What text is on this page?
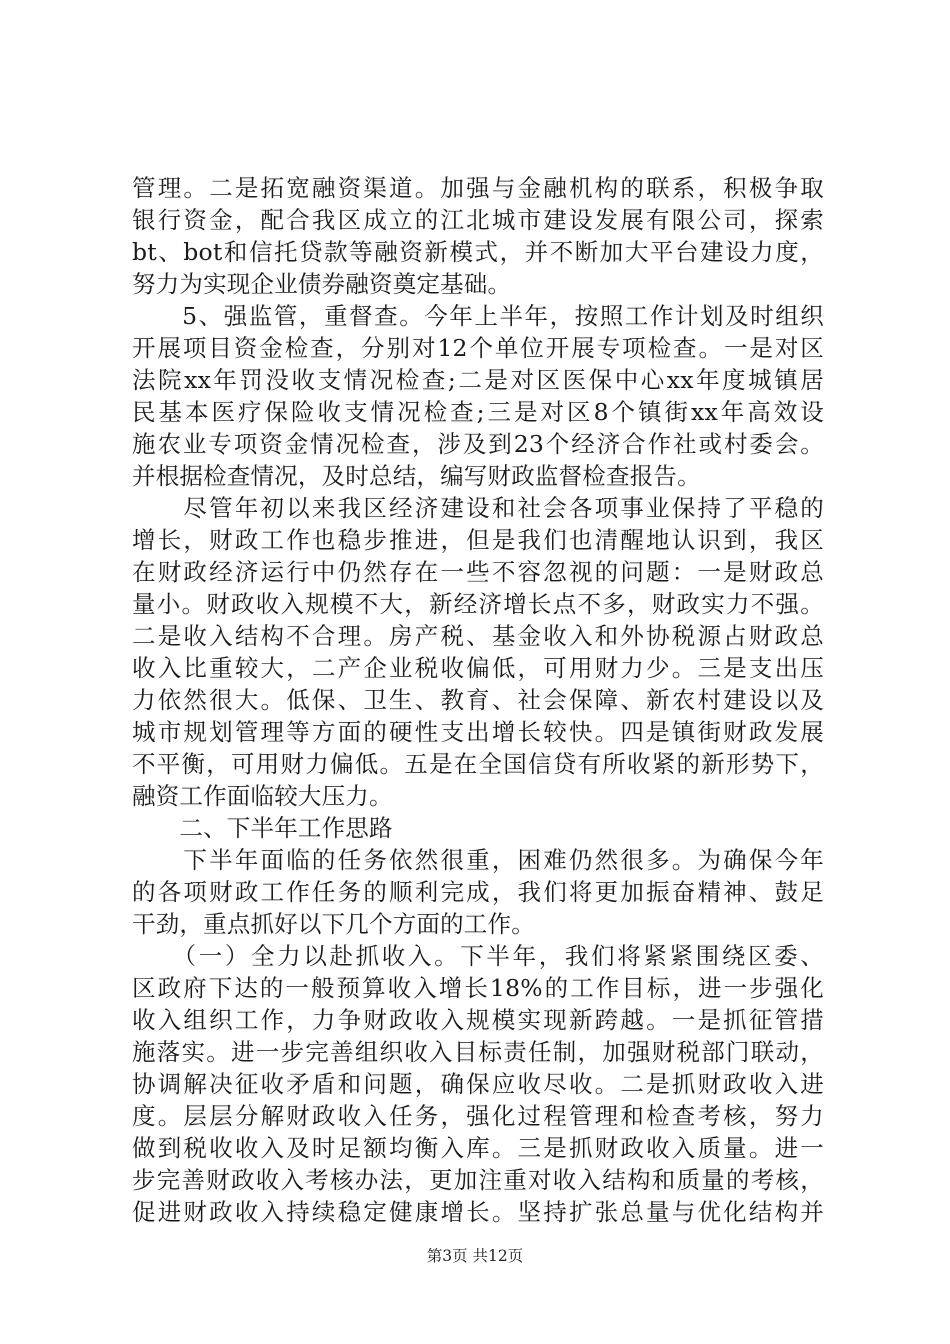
管理。二是拓宽融资渠道。加强与金融机构的联系，积极争取
银行资金，配合我区成立的江北城市建设发展有限公司，探索
bt、bot和信托贷款等融资新模式，并不断加大平台建设力度，
努力为实现企业债券融资奠定基础。
　　5、强监管，重督查。今年上半年，按照工作计划及时组织
开展项目资金检查，分别对12个单位开展专项检查。一是对区
法院xx年罚没收支情况检查;二是对区医保中心xx年度城镇居
民基本医疗保险收支情况检查;三是对区8个镇街xx年高效设
施农业专项资金情况检查，涉及到23个经济合作社或村委会。
并根据检查情况，及时总结，编写财政监督检查报告。
　　尽管年初以来我区经济建设和社会各项事业保持了平稳的
增长，财政工作也稳步推进，但是我们也清醒地认识到，我区
在财政经济运行中仍然存在一些不容忽视的问题：一是财政总
量小。财政收入规模不大，新经济增长点不多，财政实力不强。
二是收入结构不合理。房产税、基金收入和外协税源占财政总
收入比重较大，二产企业税收偏低，可用财力少。三是支出压
力依然很大。低保、卫生、教育、社会保障、新农村建设以及
城市规划管理等方面的硬性支出增长较快。四是镇街财政发展
不平衡，可用财力偏低。五是在全国信贷有所收紧的新形势下，
融资工作面临较大压力。
　　二、下半年工作思路
　　下半年面临的任务依然很重，困难仍然很多。为确保今年
的各项财政工作任务的顺利完成，我们将更加振奋精神、鼓足
干劲，重点抓好以下几个方面的工作。
　　（一）全力以赴抓收入。下半年，我们将紧紧围绕区委、
区政府下达的一般预算收入增长18%的工作目标，进一步强化
收入组织工作，力争财政收入规模实现新跨越。一是抓征管措
施落实。进一步完善组织收入目标责任制，加强财税部门联动，
协调解决征收矛盾和问题，确保应收尽收。二是抓财政收入进
度。层层分解财政收入任务，强化过程管理和检查考核，努力
做到税收收入及时足额均衡入库。三是抓财政收入质量。进一
步完善财政收入考核办法，更加注重对收入结构和质量的考核，
促进财政收入持续稳定健康增长。坚持扩张总量与优化结构并
第3页 共12页
